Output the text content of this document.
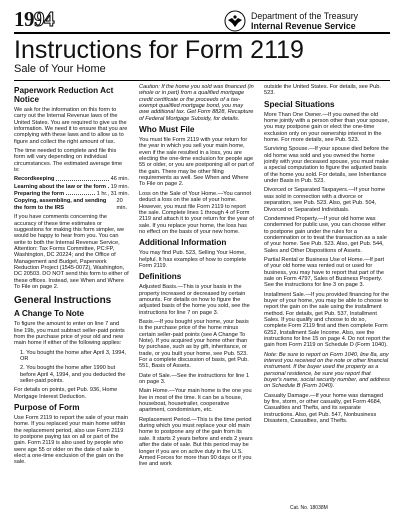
1994	Department of the Treasury
Internal Revenue Service
Instructions for Form 2119
Sale of Your Home
Paperwork Reduction Act Notice

We ask for the information on this form to carry out the Internal Revenue laws of the United States. You are required to give us the information. We need it to ensure that you are complying with these laws and to allow us to figure and collect the right amount of tax.

The time needed to complete and file this form will vary depending on individual circumstances. The estimated average time is:

Recordkeeping	46 min.
Learning about the law or the form 19 min.
Preparing the form	1 hr., 31 min.
Copying, assembling, and sending the form to the IRS
20 min.

If you have comments concerning the accuracy of these time estimates or suggestions for making this form simpler, we would be happy to hear from you. You can write to both the Internal Revenue Service, Attention: Tax Forms Committee, PC:FP, Washington, DC 20224; and the Office of Management and Budget, Paperwork Reduction Project (1545-0072), Washington, DC 20503. DO NOT send this form to either of these offices. Instead, see When and Where To File on page 2.

General Instructions
A Change To Note

To figure the amount to enter on line 7 and line 19b, you must subtract seller-paid points from the purchase price of your old and new main home if either of the following applies:

1. You bought the home after April 3, 1994, OR

2. You bought the home after 1990 but before April 4, 1994, and you deducted the seller-paid points.

For details on points, get Pub. 936, Home Mortgage Interest Deduction.

Purpose of Form

Use Form 2119 to report the sale of your main home. If you replaced your main home within the replacement period, also use Form 2119 to postpone paying tax on all or part of the gain. Form 2119 is also used by people who were age 55 or older on the date of sale to elect a one-time exclusion of the gain on the sale.

Caution: If the home you sold was financed (in whole or in part) from a qualified mortgage credit certificate or the proceeds of a tax-exempt qualified mortgage bond, you may owe additional tax. Get Form 8828, Recapture of Federal Mortgage Subsidy, for details.

Who Must File

You must file Form 2119 with your return for the year in which you sell your main home, even if the sale resulted in a loss, you are electing the one-time exclusion for people age 55 or older, or you are postponing all or part of the gain. There may be other filing requirements as well. See When and Where To File on page 2.

Loss on the Sale of Your Home.—You cannot deduct a loss on the sale of your home. However, you must file Form 2119 to report the sale. Complete lines 1 through 4 of Form 2119 and attach it to your return for the year of sale. If you replace your home, the loss has no effect on the basis of your new home.

Additional Information

You may find Pub. 523, Selling Your Home, helpful. It has examples of how to complete Form 2119.

Definitions

Adjusted Basis.—This is your basis in the property increased or decreased by certain amounts. For details on how to figure the adjusted basis of the home you sold, see the instructions for line 7 on page 3.

Basis.—If you bought your home, your basis is the purchase price of the home minus certain seller-paid points (see A Change To Note). If you acquired your home other than by purchase, such as by gift, inheritance, or trade, or you built your home, see Pub. 523. For a complete discussion of basis, get Pub. 551, Basis of Assets.

Date of Sale.—See the instructions for line 1 on page 3.

Main Home.—Your main home is the one you live in most of the time. It can be a house, houseboat, housetrailer, cooperative apartment, condominium, etc.

Replacement Period.—This is the time period during which you must replace your old main home to postpone any of the gain from its sale. It starts 2 years before and ends 2 years after the date of sale. But this period may be longer if you are on active duty in the U.S. Armed Forces for more than 90 days or if you live and work

outside the United States. For details, see Pub. 523.

Special Situations

More Than One Owner.—If you owned the old home jointly with a person other than your spouse, you may postpone gain or elect the one-time exclusion only on your ownership interest in the home. For more details, see Pub. 523.

Surviving Spouse.—If your spouse died before the old home was sold and you owned the home jointly with your deceased spouse, you must make a special computation to figure the adjusted basis of the home you sold. For details, see Inheritance under Basis in Pub. 523.

Divorced or Separated Taxpayers.—If your home was sold in connection with a divorce or separation, see Pub. 523. Also, get Pub. 504, Divorced or Separated Individuals.

Condemned Property.—If your old home was condemned for public use, you can choose either to postpone gain under the rules for a condemnation or to treat the transaction as a sale of your home. See Pub. 523. Also, get Pub. 544, Sales and Other Dispositions of Assets.

Partial Rental or Business Use of Home.—If part of your old home was rented out or used for business, you may have to report that part of the sale on Form 4797, Sales of Business Property. See the instructions for line 3 on page 3.

Installment Sale.—If you provided financing for the buyer of your home, you may be able to choose to report the gain on the sale using the installment method. For details, get Pub. 537, Installment Sales. If you qualify and choose to do so, complete Form 2119 first and then complete Form 6252, Installment Sale Income. Also, see the instructions for line 15 on page 4. Do not report the gain from Form 2119 on Schedule D (Form 1040).

Note: Be sure to report on Form 1040, line 8a, any interest you received on the note or other financial instrument. If the buyer used the property as a personal residence, be sure you report that buyer's name, social security number, and address on Schedule B (Form 1040).

Casualty Damage.—If your home was damaged by fire, storm, or other casualty, get Form 4684, Casualties and Thefts, and its separate instructions. Also, get Pub. 547, Nonbusiness Disasters, Casualties, and Thefts.

Cat. No. 18038M
